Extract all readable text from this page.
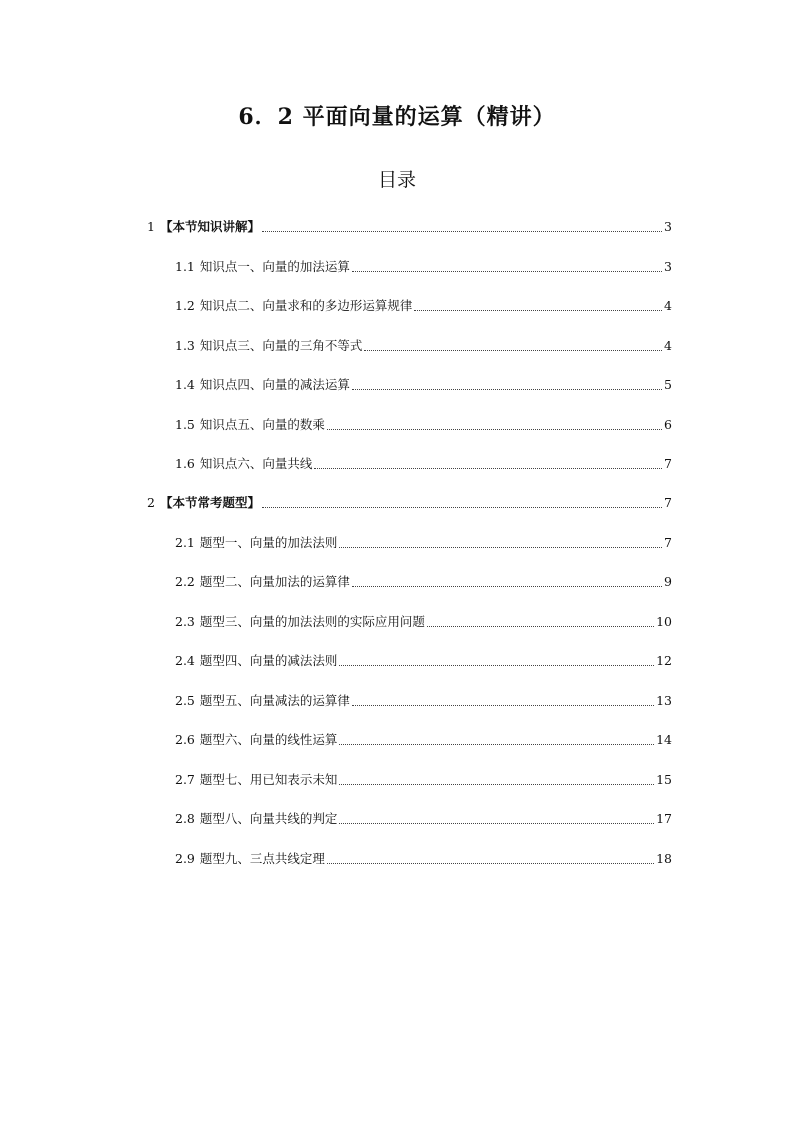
6．2 平面向量的运算（精讲）
目录
1 【本节知识讲解】	3
1.1 知识点一、向量的加法运算	3
1.2 知识点二、向量求和的多边形运算规律	4
1.3 知识点三、向量的三角不等式	4
1.4 知识点四、向量的减法运算	5
1.5 知识点五、向量的数乘	6
1.6 知识点六、向量共线	7
2 【本节常考题型】	7
2.1 题型一、向量的加法法则	7
2.2 题型二、向量加法的运算律	9
2.3 题型三、向量的加法法则的实际应用问题	10
2.4 题型四、向量的减法法则	12
2.5 题型五、向量减法的运算律	13
2.6 题型六、向量的线性运算	14
2.7 题型七、用已知表示未知	15
2.8 题型八、向量共线的判定	17
2.9 题型九、三点共线定理	18
